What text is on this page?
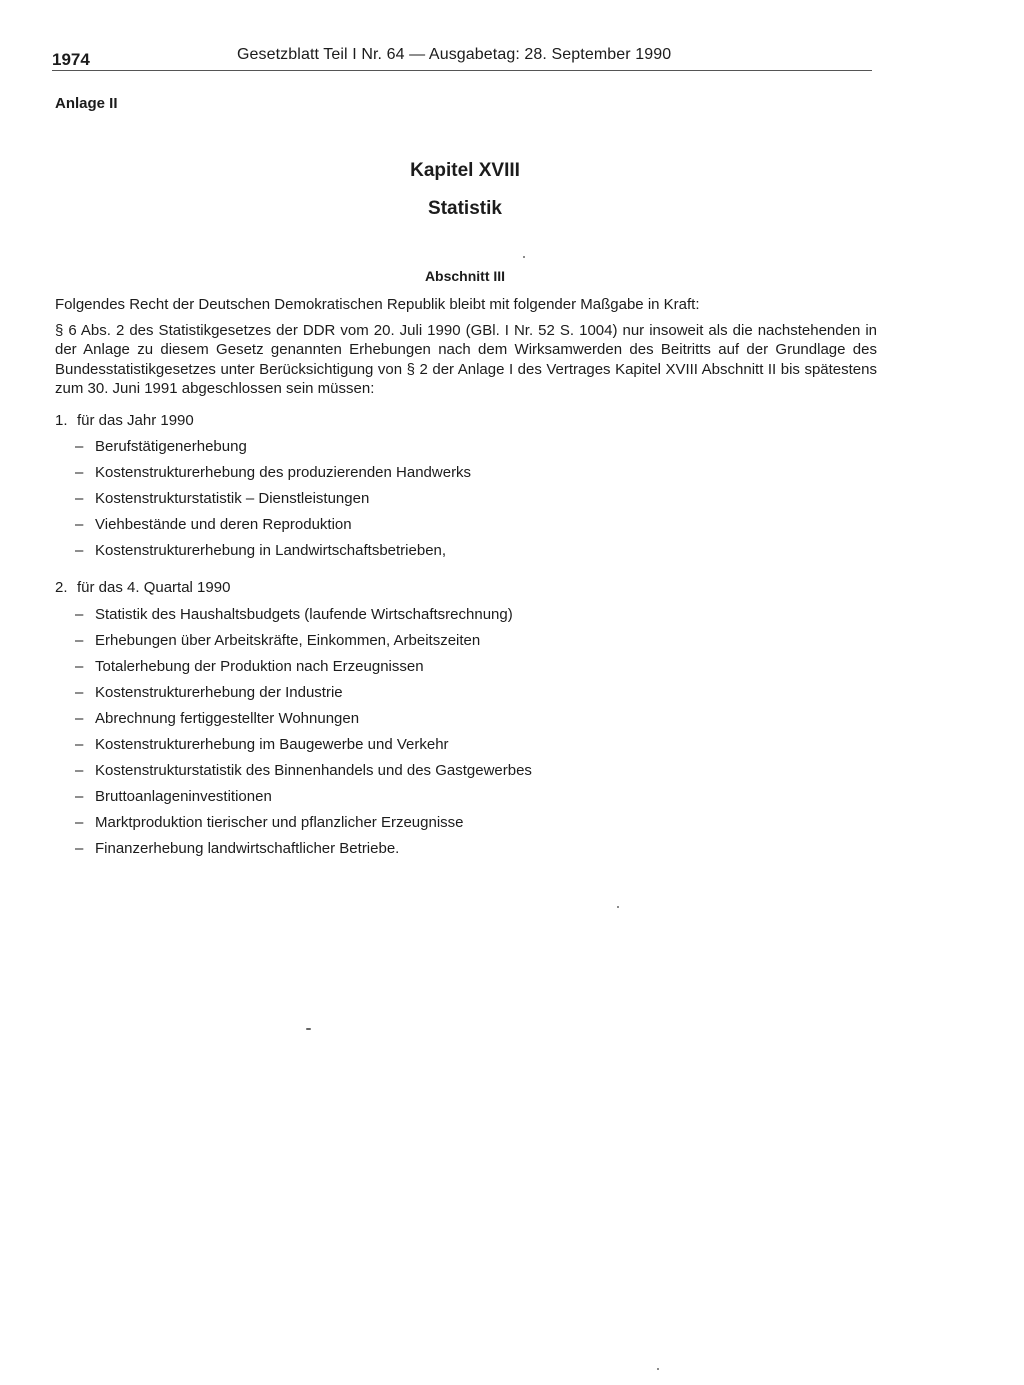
1974	Gesetzblatt Teil I Nr. 64 — Ausgabetag: 28. September 1990
Anlage II
Kapitel XVIII
Statistik
Abschnitt III

Folgendes Recht der Deutschen Demokratischen Republik bleibt mit folgender Maßgabe in Kraft:

§ 6 Abs. 2 des Statistikgesetzes der DDR vom 20. Juli 1990 (GBl. I Nr. 52 S. 1004) nur insoweit als die nachstehenden in der Anlage zu diesem Gesetz genannten Erhebungen nach dem Wirksamwerden des Beitritts auf der Grundlage des Bundesstatistikgesetzes unter Berücksichtigung von § 2 der Anlage I des Vertrages Kapitel XVIII Abschnitt II bis spätestens zum 30. Juni 1991 abgeschlossen sein müssen:

1. für das Jahr 1990
– Berufstätigenerhebung
– Kostenstrukturerhebung des produzierenden Handwerks
– Kostenstrukturstatistik – Dienstleistungen
– Viehbestände und deren Reproduktion
– Kostenstrukturerhebung in Landwirtschaftsbetrieben,
2. für das 4. Quartal 1990
– Statistik des Haushaltsbudgets (laufende Wirtschaftsrechnung)
– Erhebungen über Arbeitskräfte, Einkommen, Arbeitszeiten
– Totalerhebung der Produktion nach Erzeugnissen
– Kostenstrukturerhebung der Industrie
– Abrechnung fertiggestellter Wohnungen
– Kostenstrukturerhebung im Baugewerbe und Verkehr
– Kostenstrukturstatistik des Binnenhandels und des Gastgewerbes
– Bruttoanlageninvestitionen
– Marktproduktion tierischer und pflanzlicher Erzeugnisse
– Finanzerhebung landwirtschaftlicher Betriebe.
